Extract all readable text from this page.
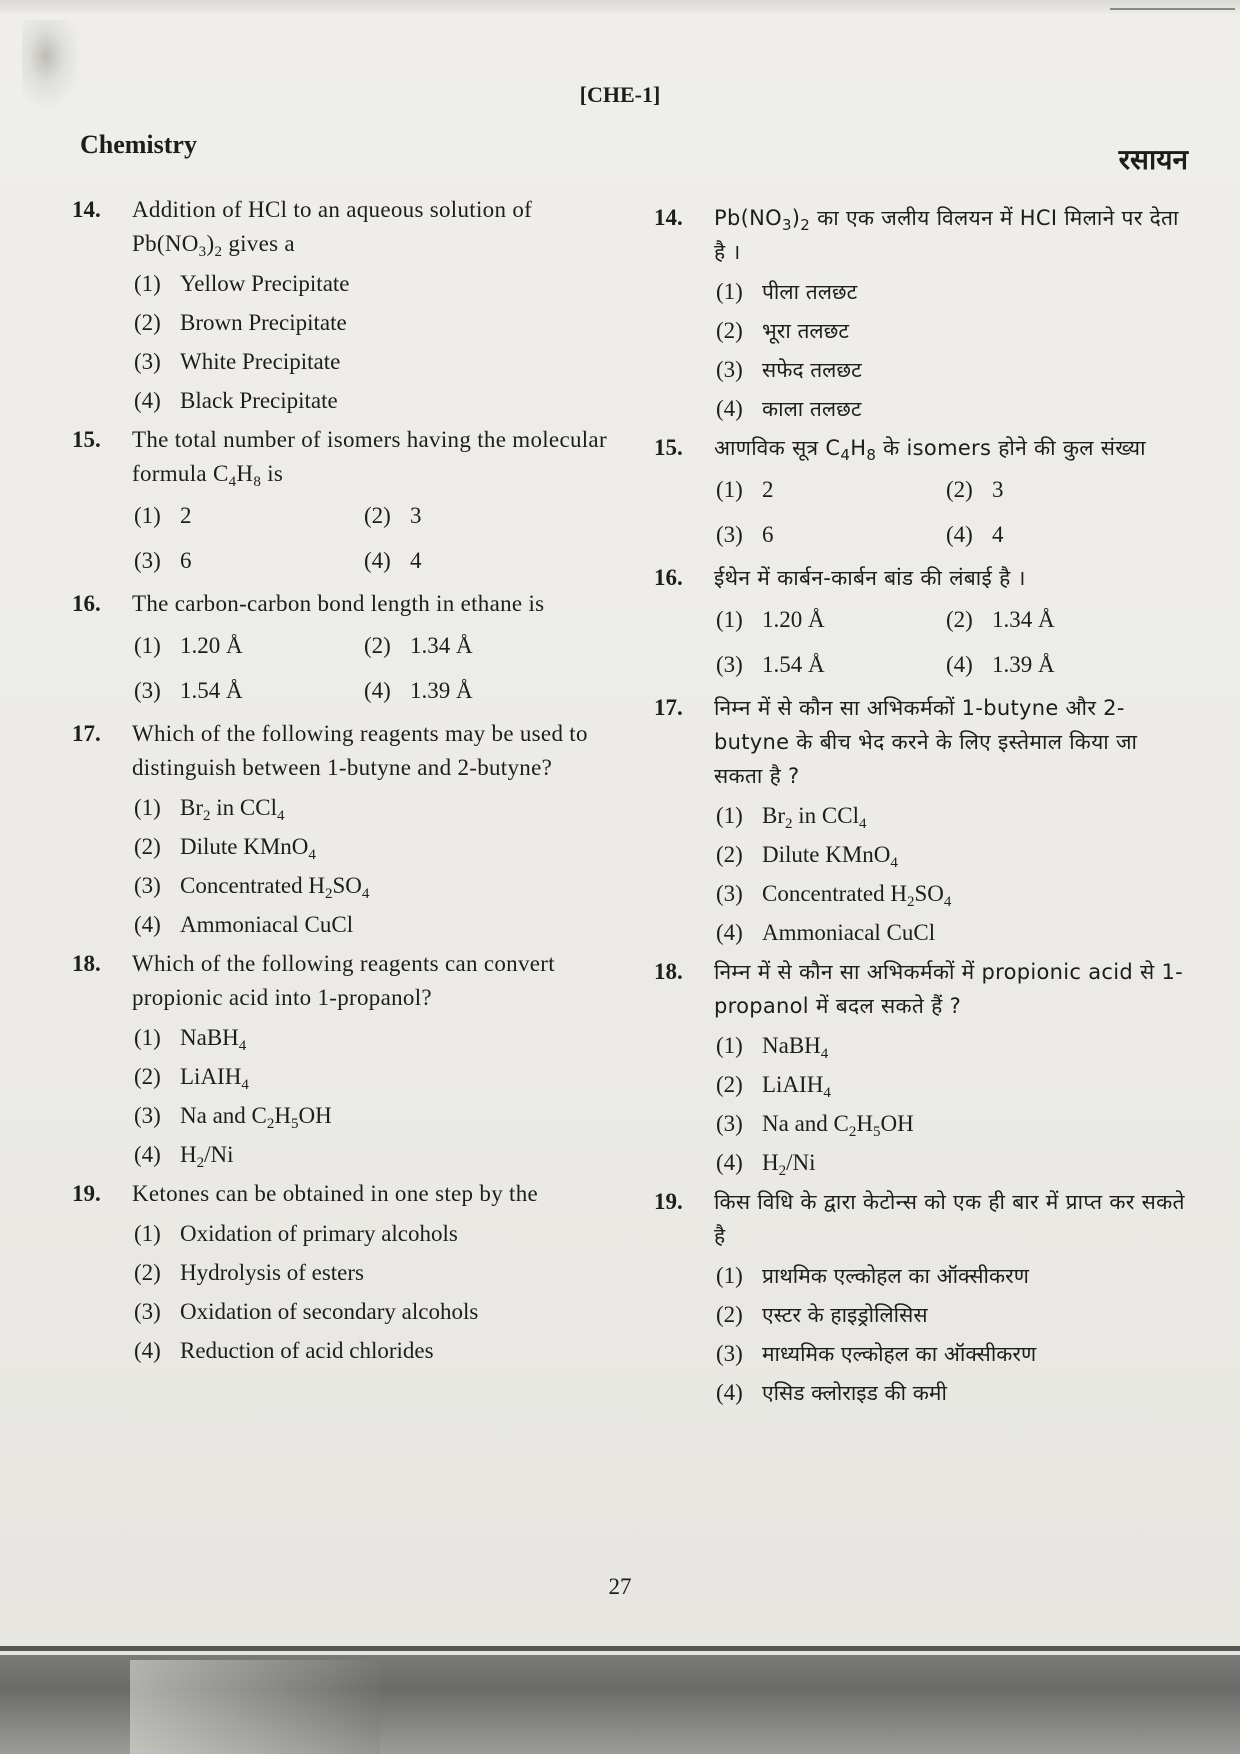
[CHE-1]
Chemistry	रसायन
14.	Addition of HCl to an aqueous solution of $Pb(NO_3)_2$ gives a
(1) Yellow Precipitate
(2) Brown Precipitate
(3) White Precipitate
(4) Black Precipitate
15.	The total number of isomers having the molecular formula $C_4H_8$ is
(1) 2	(2) 3
(3) 6	(4) 4
16.	The carbon-carbon bond length in ethane is
(1) 1.20 Å	(2) 1.34 Å
(3) 1.54 Å	(4) 1.39 Å
17.	Which of the following reagents may be used to distinguish between 1-butyne and 2-butyne?
(1) $Br_2$ in CCl$_4$
(2) Dilute KMnO$_4$
(3) Concentrated $H_2SO_4$
(4) Ammoniacal CuCl
18.	Which of the following reagents can convert propionic acid into 1-propanol?
(1) NaBH$_4$
(2) LiAIH$_4$
(3) Na and $C_2H_5OH$
(4) $H_2/Ni$
19.	Ketones can be obtained in one step by the
(1) Oxidation of primary alcohols
(2) Hydrolysis of esters
(3) Oxidation of secondary alcohols
(4) Reduction of acid chlorides
14.	$Pb(NO_3)_2$ का एक जलीय विलयन में HCI मिलाने पर देता है ।
(1) पीला तलछट
(2) भूरा तलछट
(3) सफेद तलछट
(4) काला तलछट
15.	आणविक सूत्र $C_4H_8$ के isomers होने की कुल संख्या
(1) 2	(2) 3
(3) 6	(4) 4
16.	ईथेन में कार्बन-कार्बन बांड की लंबाई है ।
(1) 1.20 Å	(2) 1.34 Å
(3) 1.54 Å	(4) 1.39 Å
17.	निम्न में से कौन सा अभिकर्मकों 1-butyne और 2-butyne के बीच भेद करने के लिए इस्तेमाल किया जा सकता है ?
(1) $Br_2$ in CCl$_4$
(2) Dilute KMnO$_4$
(3) Concentrated $H_2SO_4$
(4) Ammoniacal CuCl
18.	निम्न में से कौन सा अभिकर्मकों में propionic acid से 1-propanol में बदल सकते हैं ?
(1) NaBH$_4$
(2) LiAIH$_4$
(3) Na and $C_2H_5OH$
(4) $H_2/Ni$
19.	किस विधि के द्वारा केटोन्स को एक ही बार में प्राप्त कर सकते है
(1) प्राथमिक एल्कोहल का ऑक्सीकरण
(2) एस्टर के हाइड्रोलिसिस
(3) माध्यमिक एल्कोहल का ऑक्सीकरण
(4) एसिड क्लोराइड की कमी
27
